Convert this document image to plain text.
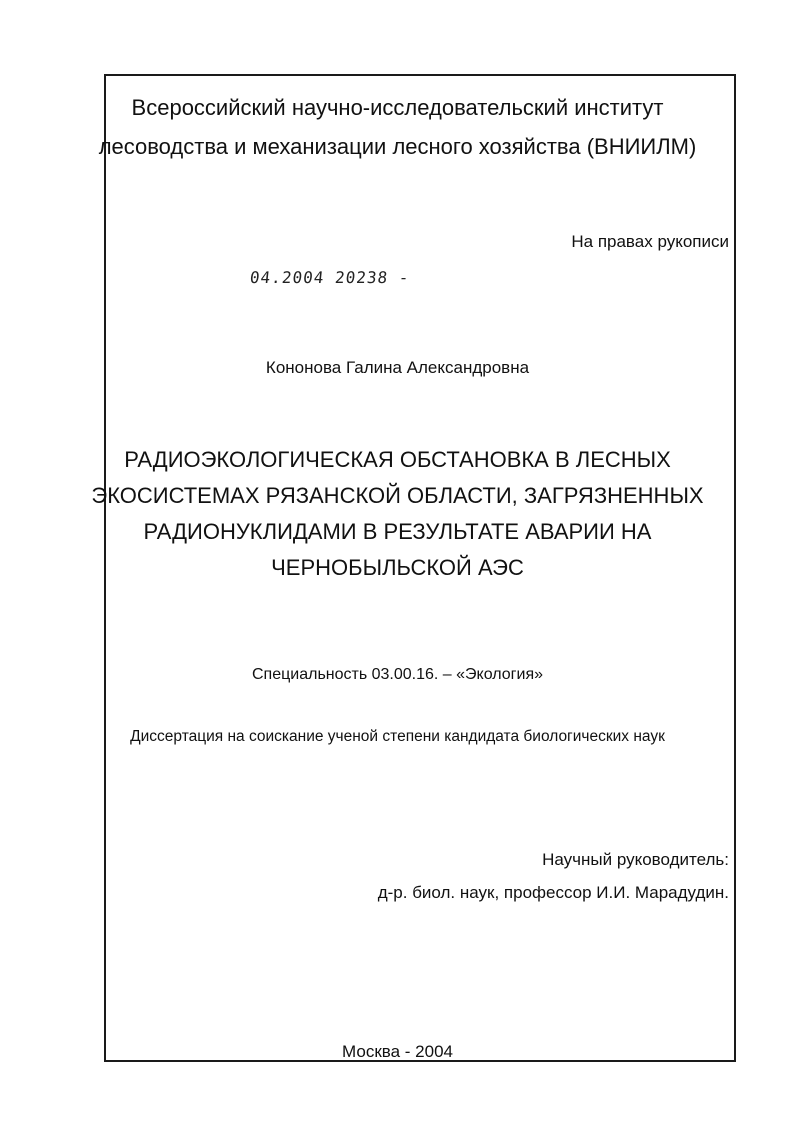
Всероссийский научно-исследовательский институт
лесоводства и механизации лесного хозяйства (ВНИИЛМ)

На правах рукописи

04.2004 20238 -

Кононова Галина Александровна

РАДИОЭКОЛОГИЧЕСКАЯ ОБСТАНОВКА В ЛЕСНЫХ
ЭКОСИСТЕМАХ РЯЗАНСКОЙ ОБЛАСТИ, ЗАГРЯЗНЕННЫХ
РАДИОНУКЛИДАМИ В РЕЗУЛЬТАТЕ АВАРИИ НА
ЧЕРНОБЫЛЬСКОЙ АЭС

Специальность 03.00.16. – «Экология»

Диссертация на соискание ученой степени кандидата биологических наук

Научный руководитель:

д-р. биол. наук, профессор И.И. Марадудин.

Москва - 2004
